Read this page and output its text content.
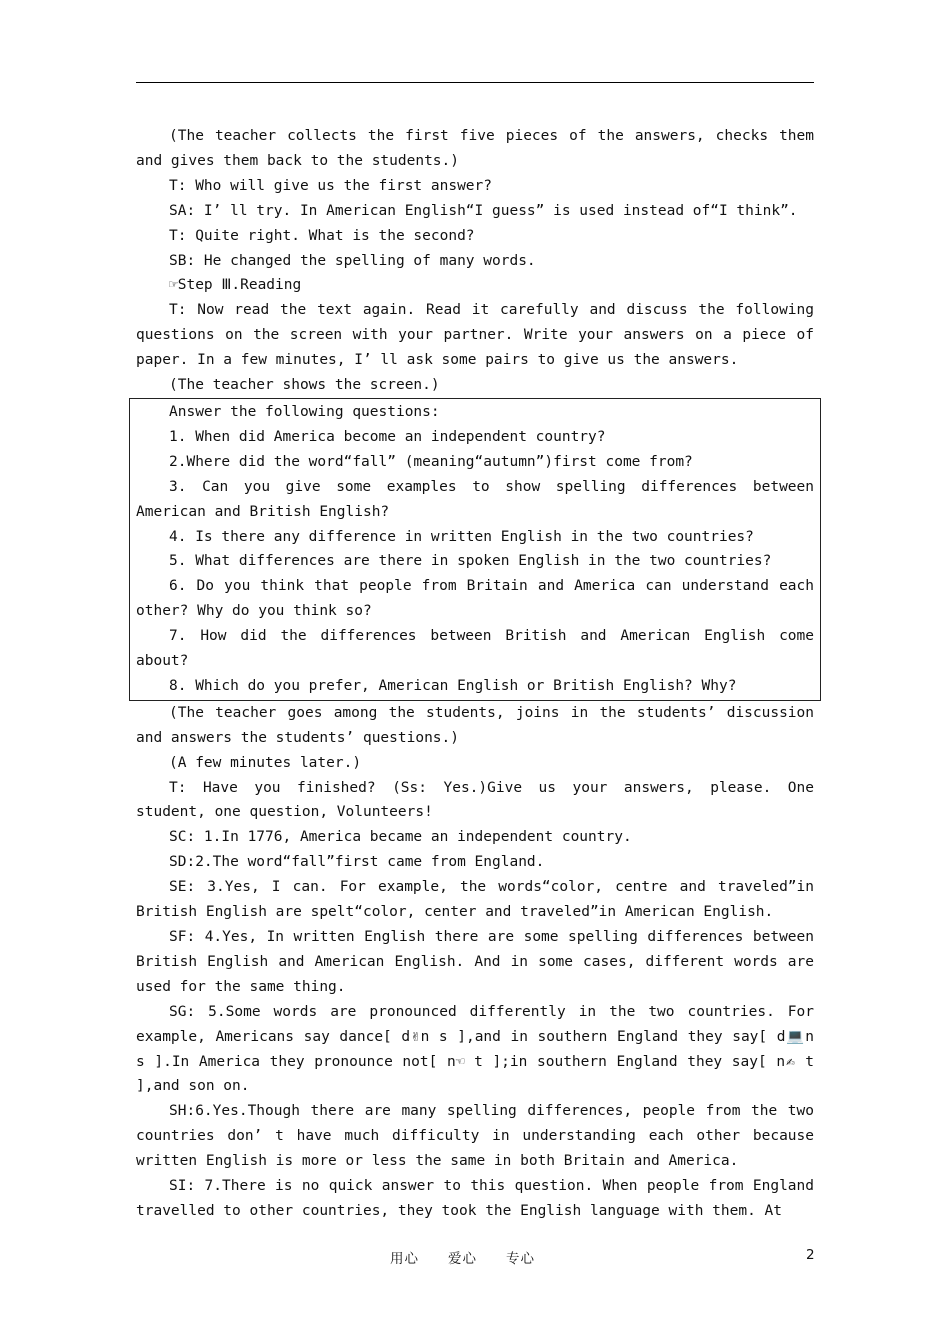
(The teacher collects the first five pieces of the answers, checks them and gives them back to the students.)

T: Who will give us the first answer?

SA: I’ ll try. In American English“I guess” is used instead of“I think”.

T: Quite right. What is the second?

SB: He changed the spelling of many words.

☞Step Ⅲ.Reading

T: Now read the text again. Read it carefully and discuss the following questions on the screen with your partner. Write your answers on a piece of paper. In a few minutes, I’ ll ask some pairs to give us the answers.

(The teacher shows the screen.)

Answer the following questions:

1. When did America become an independent country?

2.Where did the word“fall” (meaning“autumn”)first come from?

3. Can you give some examples to show spelling differences between American and British English?

4. Is there any difference in written English in the two countries?

5. What differences are there in spoken English in the two countries?

6. Do you think that people from Britain and America can understand each other? Why do you think so?

7. How did the differences between British and American English come about?

8. Which do you prefer, American English or British English? Why?

(The teacher goes among the students, joins in the students’ discussion and answers the students’ questions.)

(A few minutes later.)

T: Have you finished? (Ss: Yes.)Give us your answers, please. One student, one question, Volunteers!

SC: 1.In 1776, America became an independent country.

SD:2.The word“fall”first came from England.

SE: 3.Yes, I can. For example, the words“color, centre and traveled”in British English are spelt“color, center and traveled”in American English.

SF: 4.Yes, In written English there are some spelling differences between British English and American English. And in some cases, different words are used for the same thing.

SG: 5.Some words are pronounced differently in the two countries. For example, Americans say dance[ d✌n s ],and in southern England they say[ d💻n s ].In America they pronounce not[ n☜ t ];in southern England they say[ n✍ t ],and son on.

SH:6.Yes.Though there are many spelling differences, people from the two countries don’ t have much difficulty in understanding each other because written English is more or less the same in both Britain and America.

SI: 7.There is no quick answer to this question. When people from England travelled to other countries, they took the English language with them. At

用心　　爱心　　专心	2
